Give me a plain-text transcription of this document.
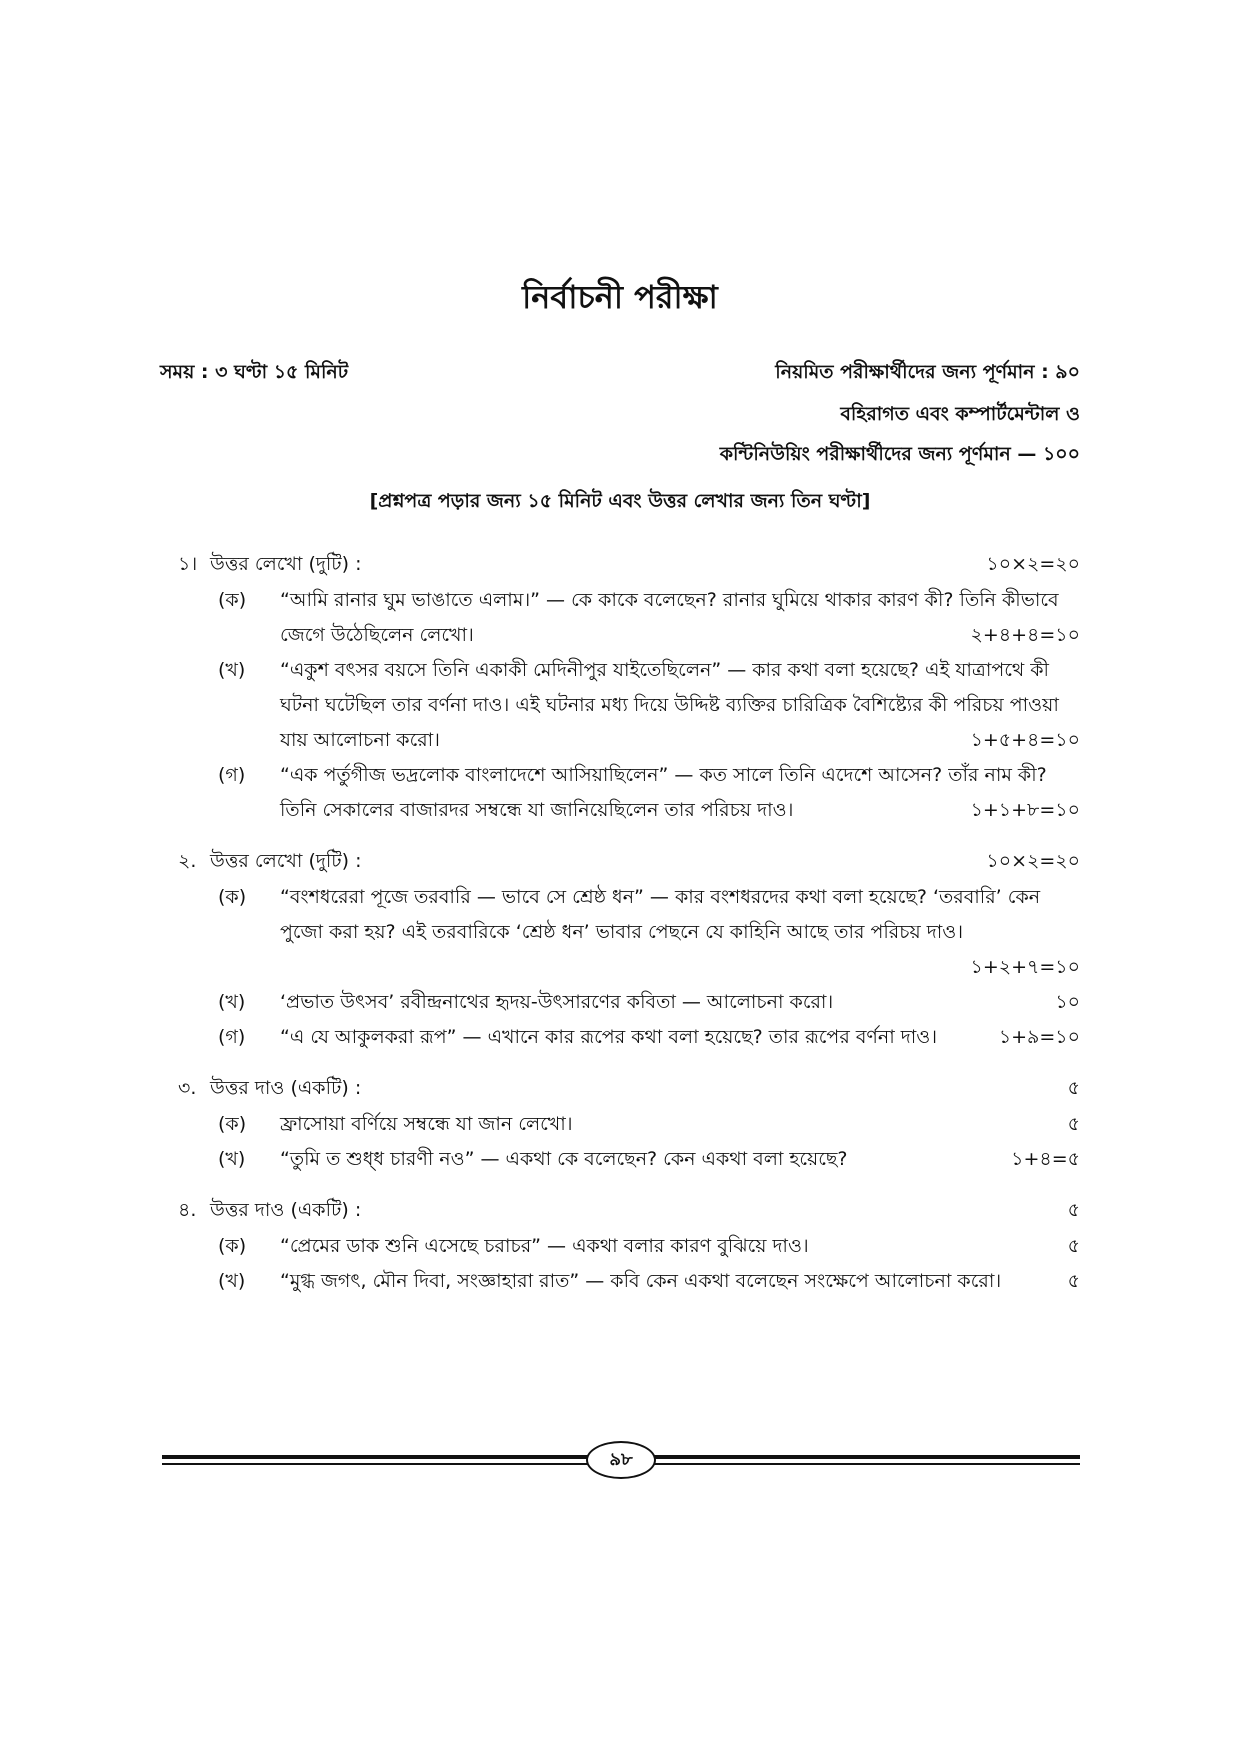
নির্বাচনী পরীক্ষা
সময় : ৩ ঘণ্টা ১৫ মিনিট	নিয়মিত পরীক্ষার্থীদের জন্য পূর্ণমান : ৯০
বহিরাগত এবং কম্পার্টমেন্টাল ও
কন্টিনিউয়িং পরীক্ষার্থীদের জন্য পূর্ণমান — ১০০
[প্রশ্নপত্র পড়ার জন্য ১৫ মিনিট এবং উত্তর লেখার জন্য তিন ঘণ্টা]
১। উত্তর লেখো (দুটি) :	১০×২=২০
(ক)	“আমি রানার ঘুম ভাঙাতে এলাম।” — কে কাকে বলেছেন? রানার ঘুমিয়ে থাকার কারণ কী? তিনি কীভাবে জেগে উঠেছিলেন লেখো।	২+৪+৪=১০
(খ)	“একুশ বৎসর বয়সে তিনি একাকী মেদিনীপুর যাইতেছিলেন” — কার কথা বলা হয়েছে? এই যাত্রাপথে কী ঘটনা ঘটেছিল তার বর্ণনা দাও। এই ঘটনার মধ্য দিয়ে উদ্দিষ্ট ব্যক্তির চারিত্রিক বৈশিষ্ট্যের কী পরিচয় পাওয়া যায় আলোচনা করো।	১+৫+৪=১০
(গ)	“এক পর্তুগীজ ভদ্রলোক বাংলাদেশে আসিয়াছিলেন” — কত সালে তিনি এদেশে আসেন? তাঁর নাম কী? তিনি সেকালের বাজারদর সম্বন্ধে যা জানিয়েছিলেন তার পরিচয় দাও।	১+১+৮=১০
২. উত্তর লেখো (দুটি) :	১০×২=২০
(ক)	“বংশধরেরা পূজে তরবারি — ভাবে সে শ্রেষ্ঠ ধন” — কার বংশধরদের কথা বলা হয়েছে? ‘তরবারি’ কেন পুজো করা হয়? এই তরবারিকে ‘শ্রেষ্ঠ ধন’ ভাবার পেছনে যে কাহিনি আছে তার পরিচয় দাও।
১+২+৭=১০
(খ)	‘প্রভাত উৎসব’ রবীন্দ্রনাথের হৃদয়-উৎসারণের কবিতা — আলোচনা করো।	১০
(গ)	“এ যে আকুলকরা রূপ” — এখানে কার রূপের কথা বলা হয়েছে? তার রূপের বর্ণনা দাও।	১+৯=১০
৩. উত্তর দাও (একটি) :	৫
(ক)	ফ্রাসোয়া বর্ণিয়ে সম্বন্ধে যা জান লেখো।	৫
(খ)	“তুমি ত শুধ্ধ চারণী নও” — একথা কে বলেছেন? কেন একথা বলা হয়েছে?	১+৪=৫
৪. উত্তর দাও (একটি) :	৫
(ক)	“প্রেমের ডাক শুনি এসেছে চরাচর” — একথা বলার কারণ বুঝিয়ে দাও।	৫
(খ)	“মুগ্ধ জগৎ, মৌন দিবা, সংজ্ঞাহারা রাত” — কবি কেন একথা বলেছেন সংক্ষেপে আলোচনা করো।	৫
৯৮
